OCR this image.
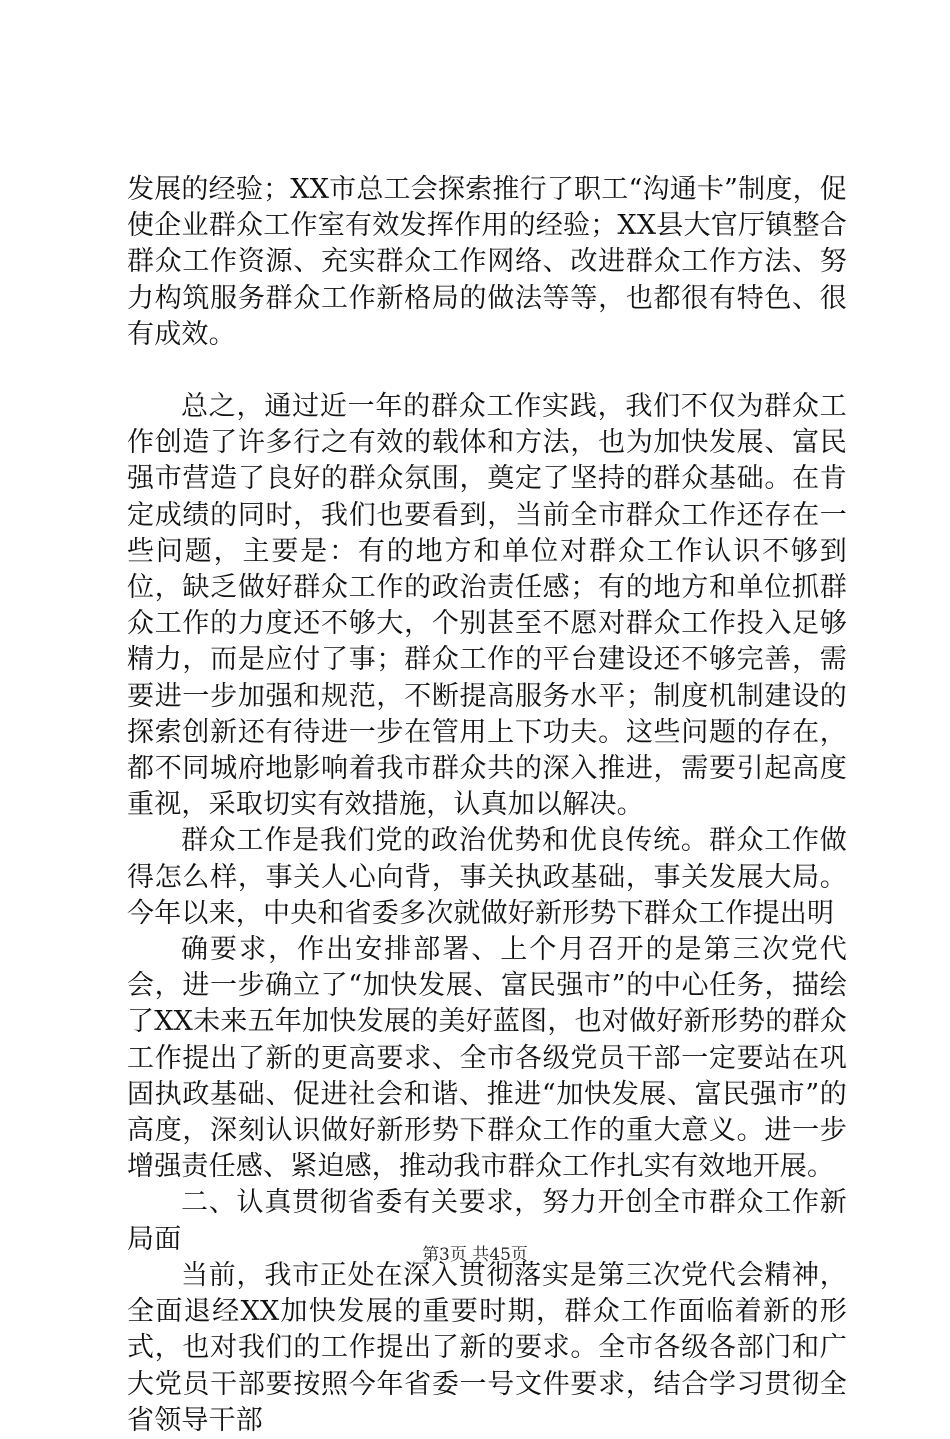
发展的经验；XX市总工会探索推行了职工“沟通卡”制度，促使企业群众工作室有效发挥作用的经验；XX县大官厅镇整合群众工作资源、充实群众工作网络、改进群众工作方法、努力构筑服务群众工作新格局的做法等等，也都很有特色、很有成效。

总之，通过近一年的群众工作实践，我们不仅为群众工作创造了许多行之有效的载体和方法，也为加快发展、富民强市营造了良好的群众氛围，奠定了坚持的群众基础。在肯定成绩的同时，我们也要看到，当前全市群众工作还存在一些问题，主要是：有的地方和单位对群众工作认识不够到位，缺乏做好群众工作的政治责任感；有的地方和单位抓群众工作的力度还不够大，个别甚至不愿对群众工作投入足够精力，而是应付了事；群众工作的平台建设还不够完善，需要进一步加强和规范，不断提高服务水平；制度机制建设的探索创新还有待进一步在管用上下功夫。这些问题的存在，都不同城府地影响着我市群众共的深入推进，需要引起高度重视，采取切实有效措施，认真加以解决。

群众工作是我们党的政治优势和优良传统。群众工作做得怎么样，事关人心向背，事关执政基础，事关发展大局。今年以来，中央和省委多次就做好新形势下群众工作提出明

确要求，作出安排部署、上个月召开的是第三次党代会，进一步确立了“加快发展、富民强市”的中心任务，描绘了XX未来五年加快发展的美好蓝图，也对做好新形势的群众工作提出了新的更高要求、全市各级党员干部一定要站在巩固执政基础、促进社会和谐、推进“加快发展、富民强市”的高度，深刻认识做好新形势下群众工作的重大意义。进一步增强责任感、紧迫感，推动我市群众工作扎实有效地开展。

二、认真贯彻省委有关要求，努力开创全市群众工作新局面

当前，我市正处在深入贯彻落实是第三次党代会精神，全面退经XX加快发展的重要时期，群众工作面临着新的形式，也对我们的工作提出了新的要求。全市各级各部门和广大党员干部要按照今年省委一号文件要求，结合学习贯彻全省领导干部

第3页 共45页
